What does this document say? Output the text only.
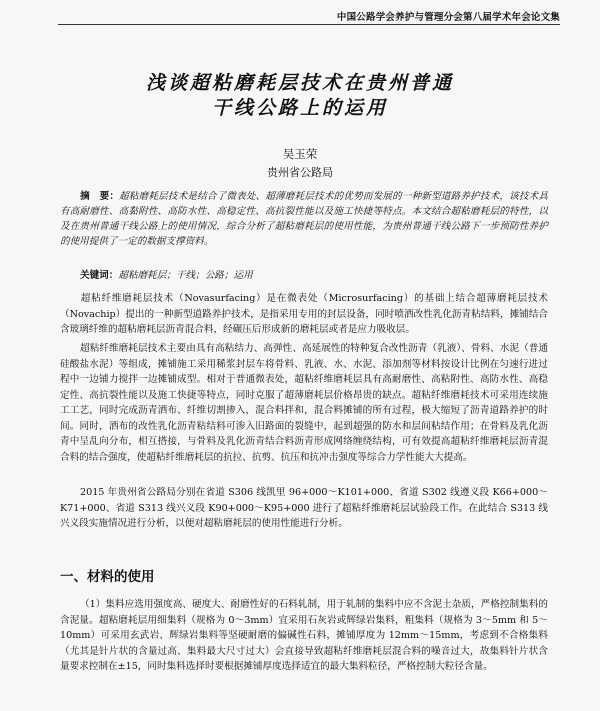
中国公路学会养护与管理分会第八届学术年会论文集
浅谈超粘磨耗层技术在贵州普通
干线公路上的运用
吴玉荣
贵州省公路局
摘　要：超粘磨耗层技术是结合了微表处、超薄磨耗层技术的优势而发展的一种新型道路养护技术，该技术具有高耐磨性、高黏附性、高防水性、高稳定性、高抗裂性能以及施工快捷等特点。本文结合超粘磨耗层的特性，以及在贵州普通干线公路上的使用情况，综合分析了超粘磨耗层的使用性能，为贵州普通干线公路下一步预防性养护的使用提供了一定的数据支撑资料。
关键词：超粘磨耗层；干线；公路；运用

超粘纤维磨耗层技术（Novasurfacing）是在微表处（Microsurfacing）的基础上结合超薄磨耗层技术（Novachip）提出的一种新型道路养护技术，是指采用专用的封层设备，同时喷洒改性乳化沥青粘结料，摊铺结合含玻璃纤维的超粘磨耗层沥青混合料，经碾压后形成新的磨耗层或者是应力吸收层。

超粘纤维磨耗层技术主要由具有高粘结力、高弹性、高延展性的特种复合改性沥青（乳液）、骨料、水泥（普通硅酸盐水泥）等组成，摊铺施工采用稀浆封层车将骨料、乳液、水、水泥、添加剂等材料按设计比例在匀速行进过程中一边铺力搅拌一边摊铺成型。相对于普通微表处，超粘纤维磨耗层具有高耐磨性、高粘附性、高防水性、高稳定性、高抗裂性能以及施工快捷等特点，同时克服了超薄磨耗层价格昂贵的缺点。超粘纤维磨耗技术可采用连续施工工艺，同时完成沥青洒布、纤维切割掺入，混合料拌和，混合料摊铺的所有过程，极大缩短了沥青道路养护的时间。同时，洒布的改性乳化沥青粘结料可渗入旧路面的裂缝中，起到超强的防水和层间粘结作用；在骨料及乳化沥青中呈乱向分布，相互搭接，与骨料及乳化沥青结合料沥青形成网络缠绕结构，可有效提高超粘纤维磨耗层沥青混合料的结合强度，使超粘纤维磨耗层的抗拉、抗剪、抗压和抗冲击强度等综合力学性能大大提高。

2015 年贵州省公路局分别在省道 S306 线凯里 96+000～K101+000、省道 S302 线遵义段 K66+000～K71+000、省道 S313 线兴义段 K90+000～K95+000 进行了超粘纤维磨耗层试验段工作。在此结合 S313 线兴义段实施情况进行分析，以便对超粘磨耗层的使用性能进行分析。

一、材料的使用

（1）集料应选用强度高、硬度大、耐磨性好的石料轧制，用于轧制的集料中应不含泥土杂质，严格控制集料的含泥量。超粘磨耗层用细集料（规格为 0～3mm）宜采用石灰岩或辉绿岩集料，粗集料（规格为 3～5mm 和 5～10mm）可采用玄武岩、辉绿岩集料等坚硬耐磨的偏碱性石料，摊铺厚度为 12mm～15mm，考虑到不合格集料（尤其是针片状的含量过高、集料最大尺寸过大）会直接导致超粘纤维磨耗层混合料的噪音过大，故集料针片状含量要求控制在±15，同时集料选择时要根据摊铺厚度选择适宜的最大集料粒径，严格控制大粒径含量。
